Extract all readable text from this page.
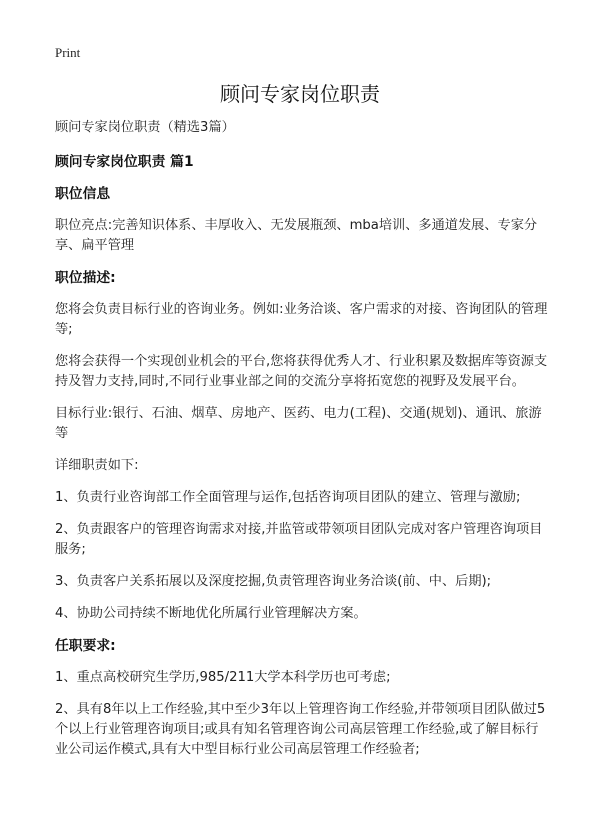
Print
顾问专家岗位职责

顾问专家岗位职责（精选3篇）

顾问专家岗位职责 篇1

职位信息

职位亮点:完善知识体系、丰厚收入、无发展瓶颈、mba培训、多通道发展、专家分享、扁平管理

职位描述:

您将会负责目标行业的咨询业务。例如:业务洽谈、客户需求的对接、咨询团队的管理等;

您将会获得一个实现创业机会的平台,您将获得优秀人才、行业积累及数据库等资源支持及智力支持,同时,不同行业事业部之间的交流分享将拓宽您的视野及发展平台。

目标行业:银行、石油、烟草、房地产、医药、电力(工程)、交通(规划)、通讯、旅游等

详细职责如下:

1、负责行业咨询部工作全面管理与运作,包括咨询项目团队的建立、管理与激励;

2、负责跟客户的管理咨询需求对接,并监管或带领项目团队完成对客户管理咨询项目服务;

3、负责客户关系拓展以及深度挖掘,负责管理咨询业务洽谈(前、中、后期);

4、协助公司持续不断地优化所属行业管理解决方案。

任职要求:

1、重点高校研究生学历,985/211大学本科学历也可考虑;

2、具有8年以上工作经验,其中至少3年以上管理咨询工作经验,并带领项目团队做过5个以上行业管理咨询项目;或具有知名管理咨询公司高层管理工作经验,或了解目标行业公司运作模式,具有大中型目标行业公司高层管理工作经验者;
